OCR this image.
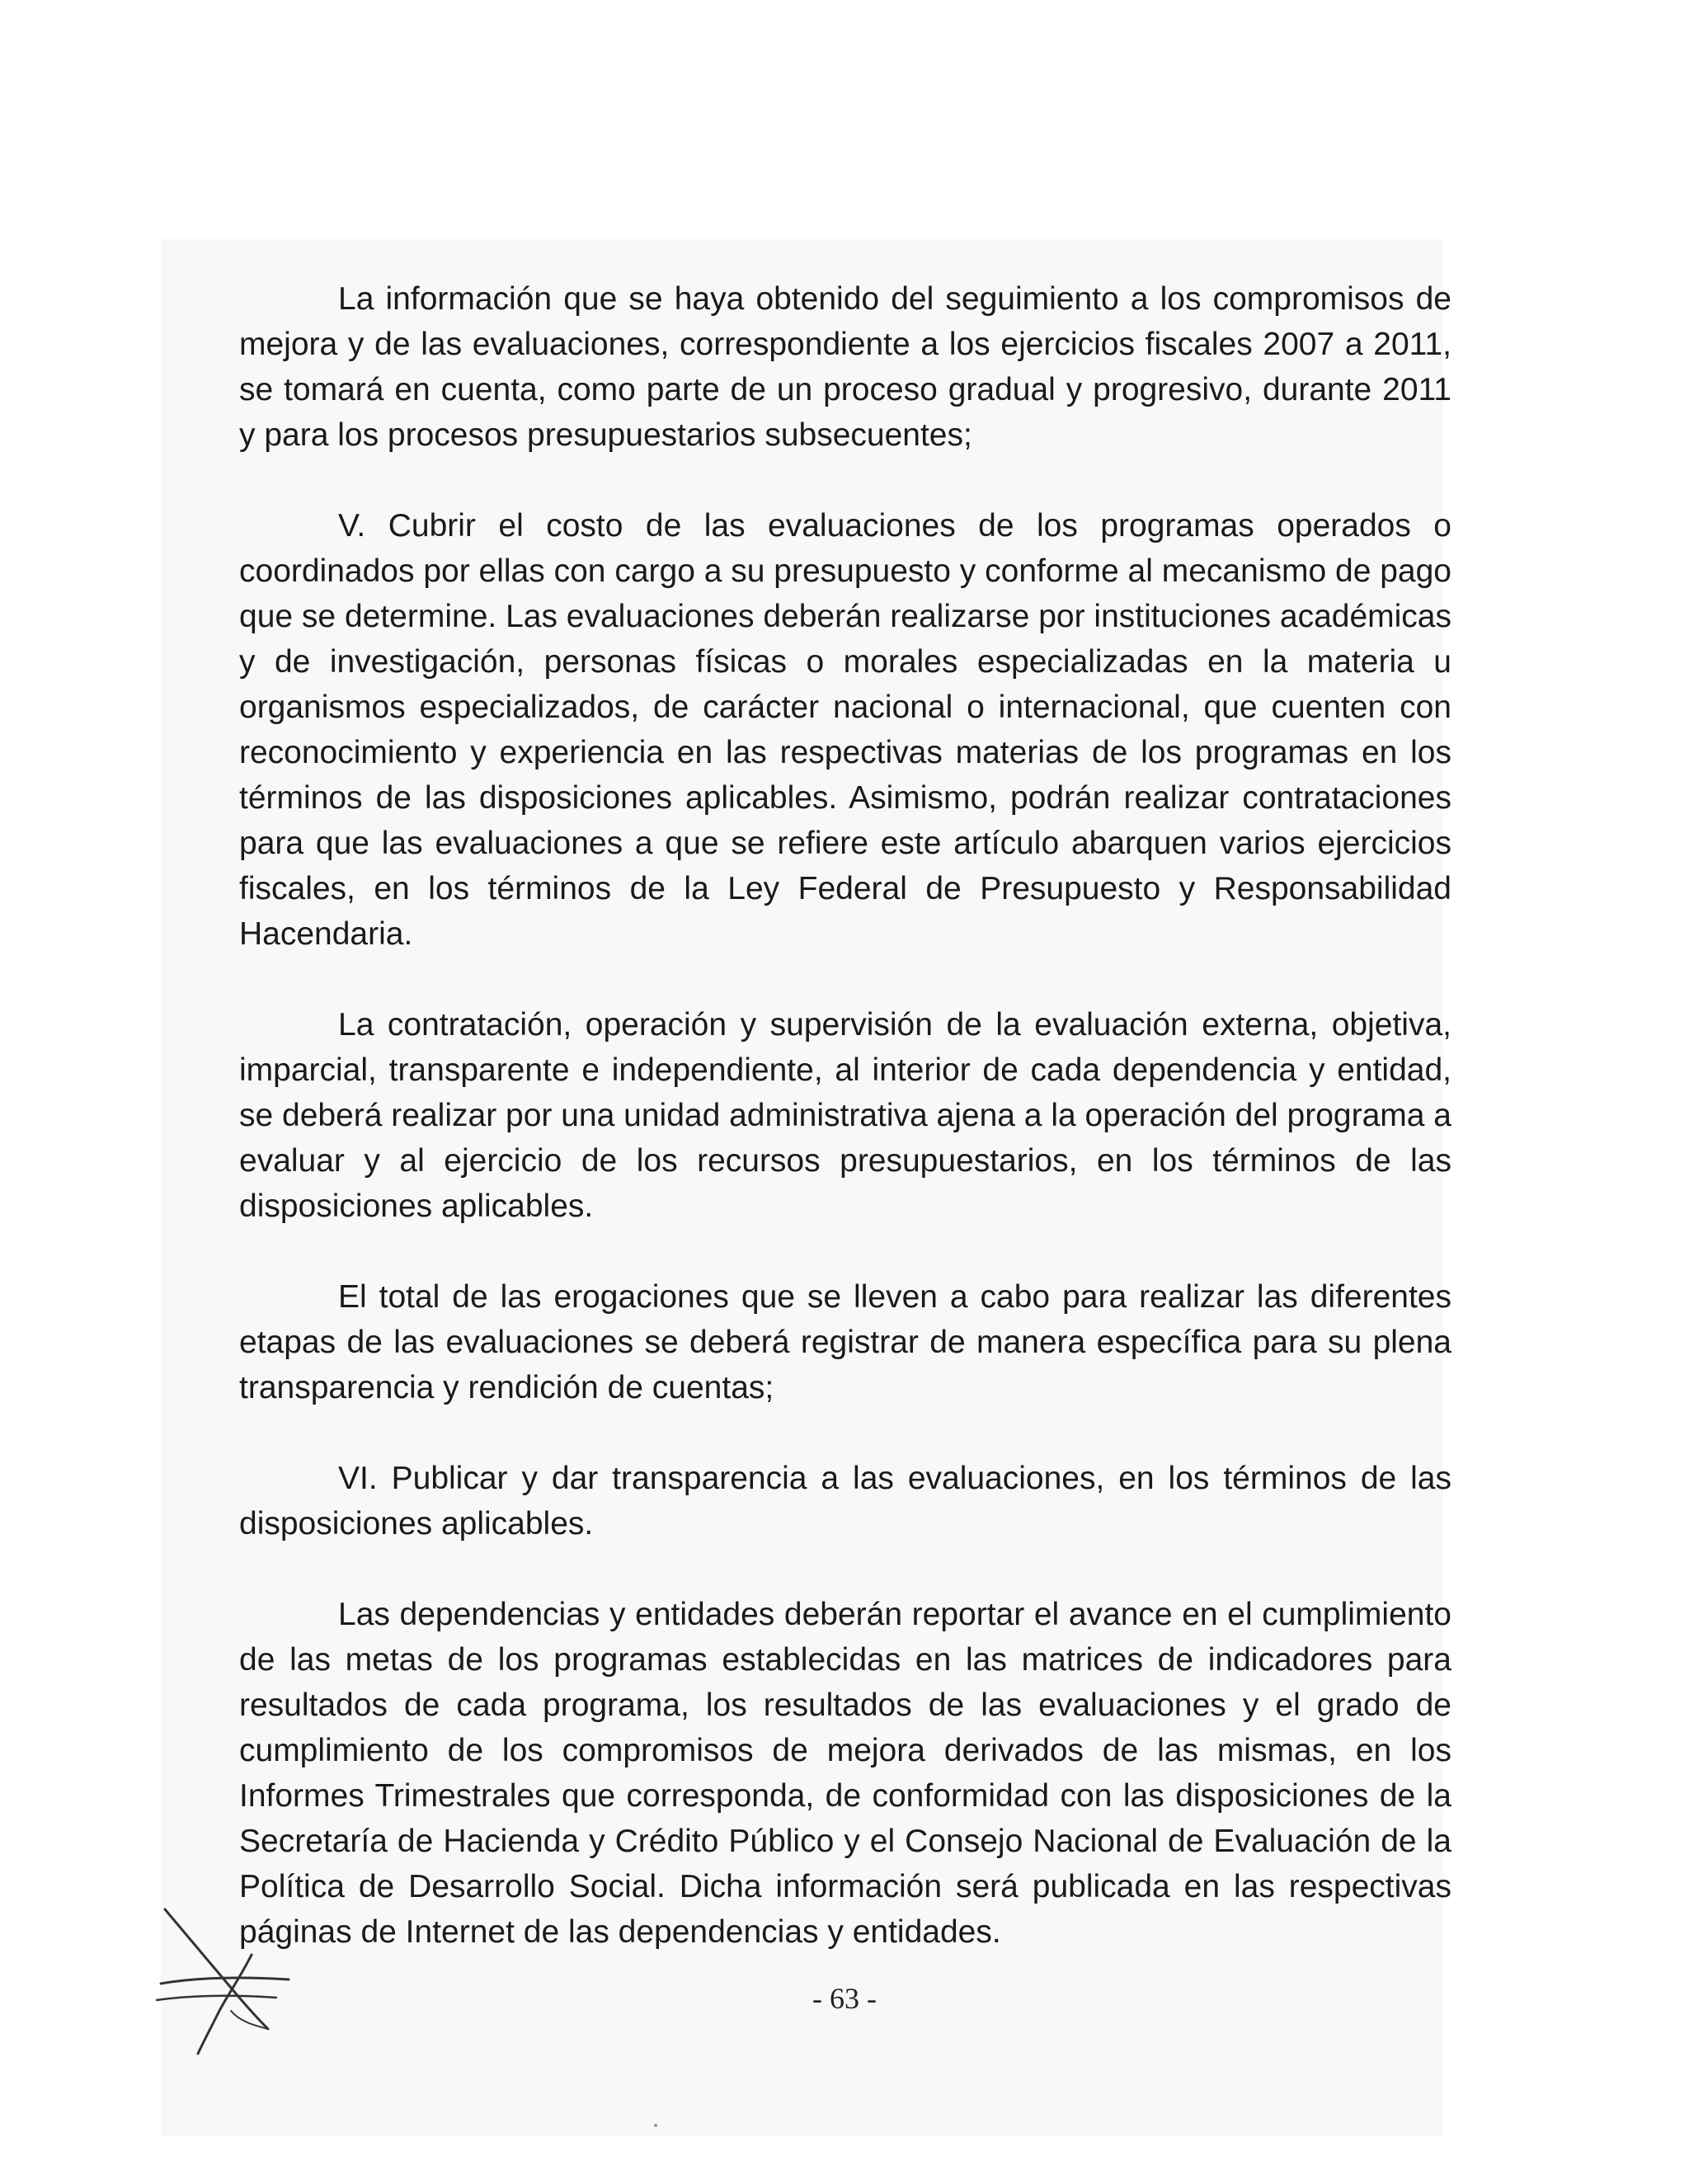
La información que se haya obtenido del seguimiento a los compromisos de mejora y de las evaluaciones, correspondiente a los ejercicios fiscales 2007 a 2011, se tomará en cuenta, como parte de un proceso gradual y progresivo, durante 2011 y para los procesos presupuestarios subsecuentes;

V. Cubrir el costo de las evaluaciones de los programas operados o coordinados por ellas con cargo a su presupuesto y conforme al mecanismo de pago que se determine. Las evaluaciones deberán realizarse por instituciones académicas y de investigación, personas físicas o morales especializadas en la materia u organismos especializados, de carácter nacional o internacional, que cuenten con reconocimiento y experiencia en las respectivas materias de los programas en los términos de las disposiciones aplicables. Asimismo, podrán realizar contrataciones para que las evaluaciones a que se refiere este artículo abarquen varios ejercicios fiscales, en los términos de la Ley Federal de Presupuesto y Responsabilidad Hacendaria.

La contratación, operación y supervisión de la evaluación externa, objetiva, imparcial, transparente e independiente, al interior de cada dependencia y entidad, se deberá realizar por una unidad administrativa ajena a la operación del programa a evaluar y al ejercicio de los recursos presupuestarios, en los términos de las disposiciones aplicables.

El total de las erogaciones que se lleven a cabo para realizar las diferentes etapas de las evaluaciones se deberá registrar de manera específica para su plena transparencia y rendición de cuentas;

VI. Publicar y dar transparencia a las evaluaciones, en los términos de las disposiciones aplicables.

Las dependencias y entidades deberán reportar el avance en el cumplimiento de las metas de los programas establecidas en las matrices de indicadores para resultados de cada programa, los resultados de las evaluaciones y el grado de cumplimiento de los compromisos de mejora derivados de las mismas, en los Informes Trimestrales que corresponda, de conformidad con las disposiciones de la Secretaría de Hacienda y Crédito Público y el Consejo Nacional de Evaluación de la Política de Desarrollo Social. Dicha información será publicada en las respectivas páginas de Internet de las dependencias y entidades.

- 63 -
